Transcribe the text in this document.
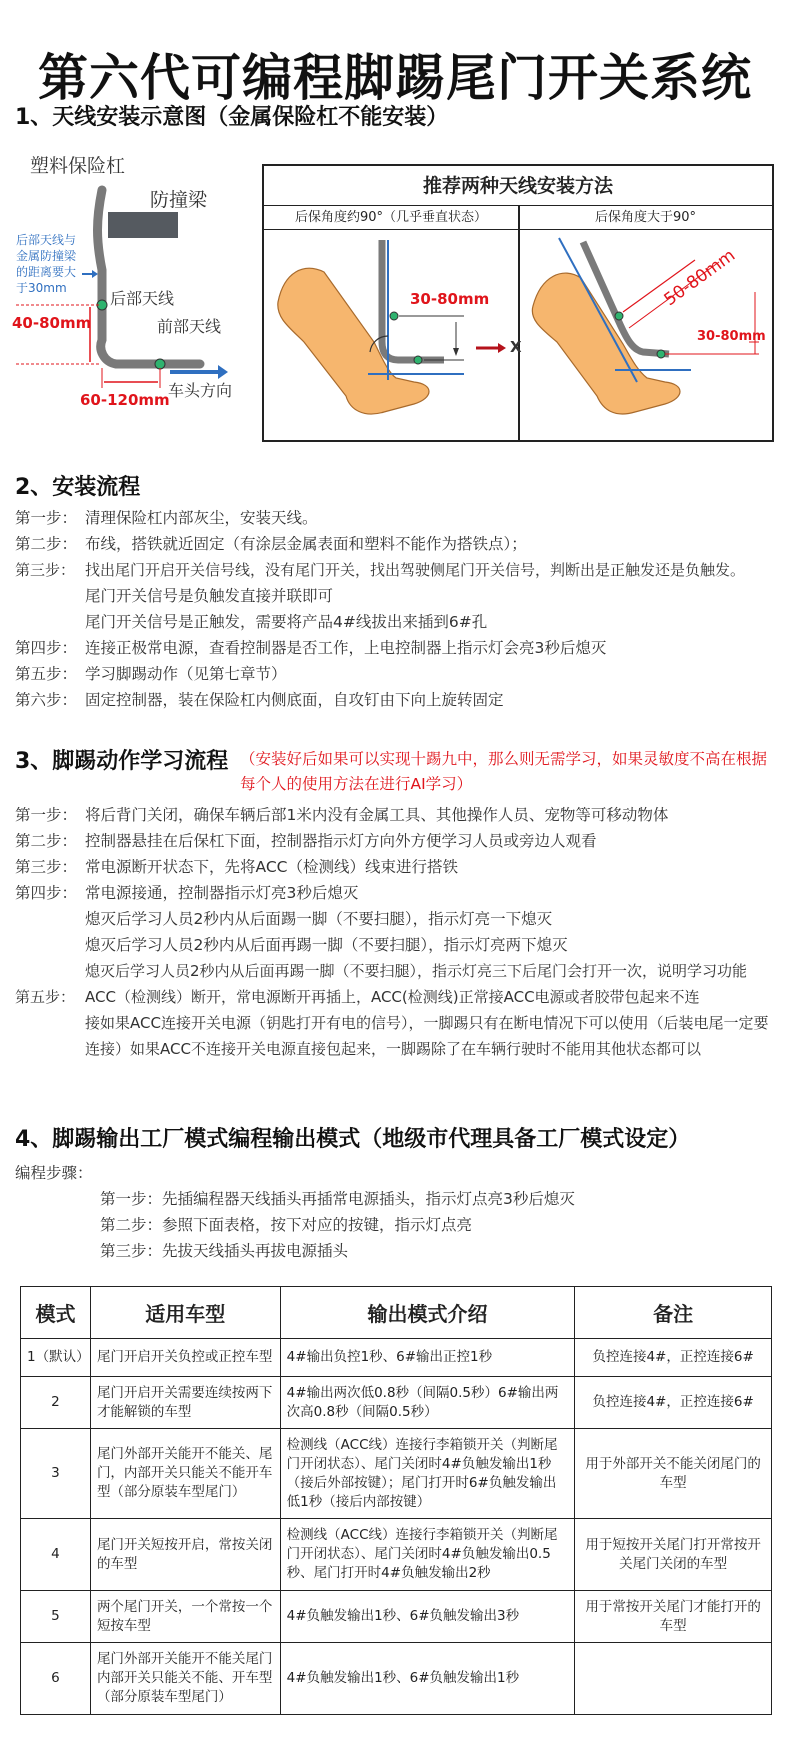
第六代可编程脚踢尾门开关系统
1、天线安装示意图（金属保险杠不能安装）
塑料保险杠
防撞梁
后部天线与 金属防撞梁 的距离要大 于30mm
后部天线
前部天线
40-80mm
60-120mm
车头方向
推荐两种天线安装方法
后保角度约90°（几乎垂直状态）	后保角度大于90°
30-80mm	50-80mm
30-80mm
X
2、安装流程
第一步： 清理保险杠内部灰尘，安装天线。
第二步： 布线，搭铁就近固定（有涂层金属表面和塑料不能作为搭铁点）；
第三步： 找出尾门开启开关信号线，没有尾门开关，找出驾驶侧尾门开关信号，判断出是正触发还是负触发。
尾门开关信号是负触发直接并联即可
尾门开关信号是正触发，需要将产品4#线拔出来插到6#孔
第四步： 连接正极常电源，查看控制器是否工作，上电控制器上指示灯会亮3秒后熄灭
第五步： 学习脚踢动作（见第七章节）
第六步： 固定控制器，装在保险杠内侧底面，自攻钉由下向上旋转固定
3、脚踢动作学习流程 （安装好后如果可以实现十踢九中，那么则无需学习，如果灵敏度不高在根据每个人的使用方法在进行AI学习）
第一步： 将后背门关闭，确保车辆后部1米内没有金属工具、其他操作人员、宠物等可移动物体
第二步： 控制器悬挂在后保杠下面，控制器指示灯方向外方便学习人员或旁边人观看
第三步： 常电源断开状态下，先将ACC（检测线）线束进行搭铁
第四步： 常电源接通，控制器指示灯亮3秒后熄灭
熄灭后学习人员2秒内从后面踢一脚（不要扫腿），指示灯亮一下熄灭
熄灭后学习人员2秒内从后面再踢一脚（不要扫腿），指示灯亮两下熄灭
熄灭后学习人员2秒内从后面再踢一脚（不要扫腿），指示灯亮三下后尾门会打开一次，说明学习功能
第五步： ACC（检测线）断开，常电源断开再插上，ACC(检测线)正常接ACC电源或者胶带包起来不连
接如果ACC连接开关电源（钥匙打开有电的信号），一脚踢只有在断电情况下可以使用（后装电尾一定要连接）如果ACC不连接开关电源直接包起来，一脚踢除了在车辆行驶时不能用其他状态都可以
4、脚踢输出工厂模式编程输出模式（地级市代理具备工厂模式设定）
编程步骤：
第一步：先插编程器天线插头再插常电源插头，指示灯点亮3秒后熄灭
第二步：参照下面表格，按下对应的按键，指示灯点亮
第三步：先拔天线插头再拔电源插头
模式	适用车型	输出模式介绍	备注
1（默认）	尾门开启开关负控或正控车型	4#输出负控1秒、6#输出正控1秒	负控连接4#，正控连接6#
2	尾门开启开关需要连续按两下才能解锁的车型	4#输出两次低0.8秒（间隔0.5秒）6#输出两次高0.8秒（间隔0.5秒）	负控连接4#，正控连接6#
3	尾门外部开关能开不能关、尾门，内部开关只能关不能开车型（部分原装车型尾门）	检测线（ACC线）连接行李箱锁开关（判断尾门开闭状态）、尾门关闭时4#负触发输出1秒（接后外部按键）；尾门打开时6#负触发输出低1秒（接后内部按键）	用于外部开关不能关闭尾门的车型
4	尾门开关短按开启，常按关闭的车型	检测线（ACC线）连接行李箱锁开关（判断尾门开闭状态）、尾门关闭时4#负触发输出0.5秒、尾门打开时4#负触发输出2秒	用于短按开关尾门打开常按开关尾门关闭的车型
5	两个尾门开关，一个常按一个短按车型	4#负触发输出1秒、6#负触发输出3秒	用于常按开关尾门才能打开的车型
6	尾门外部开关能开不能关尾门内部开关只能关不能、开车型（部分原装车型尾门）	4#负触发输出1秒、6#负触发输出1秒	
